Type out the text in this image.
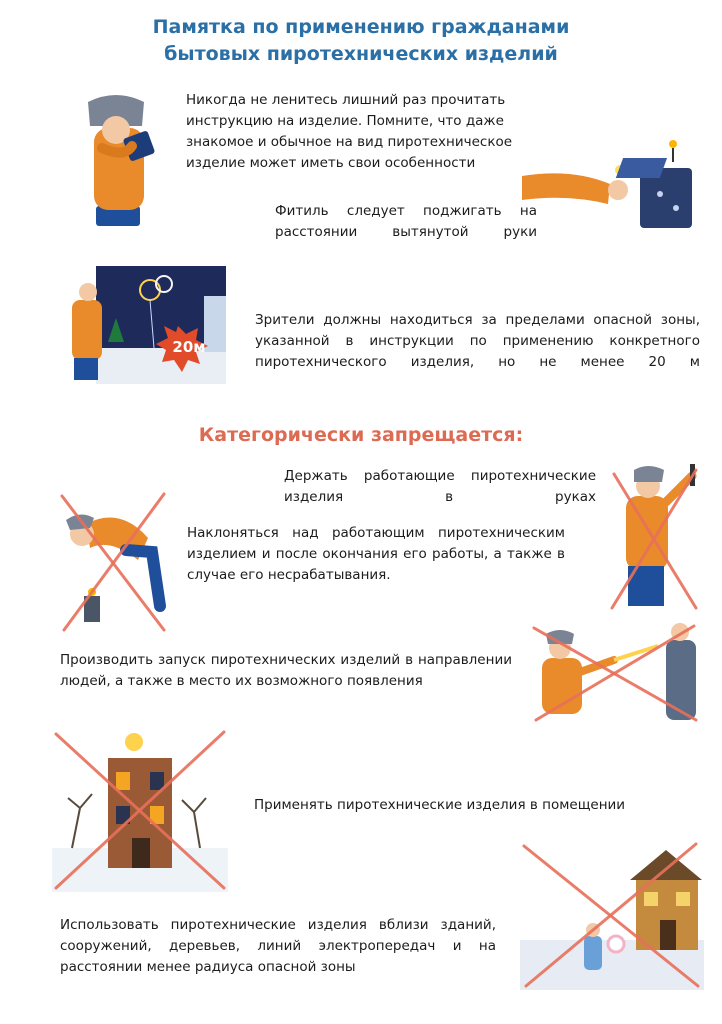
Памятка по применению гражданами
бытовых пиротехнических изделий
Никогда не ленитесь лишний раз прочитать инструкцию на изделие. Помните, что даже знакомое и обычное на вид пиротехническое изделие может иметь свои особенности
Фитиль следует поджигать на расстоянии вытянутой руки
20м
Зрители должны находиться за пределами опасной зоны, указанной в инструкции по применению конкретного пиротехнического изделия, но не менее 20 м
Категорически запрещается:
Держать работающие пиротехнические изделия в руках
Наклоняться над работающим пиротехническим изделием и после окончания его работы, а также в случае его несрабатывания.
Производить запуск пиротехнических изделий в направлении людей, а также в место их возможного появления
Применять пиротехнические изделия в помещении
Использовать пиротехнические изделия вблизи зданий, сооружений, деревьев, линий электропередач и на расстоянии менее радиуса опасной зоны
